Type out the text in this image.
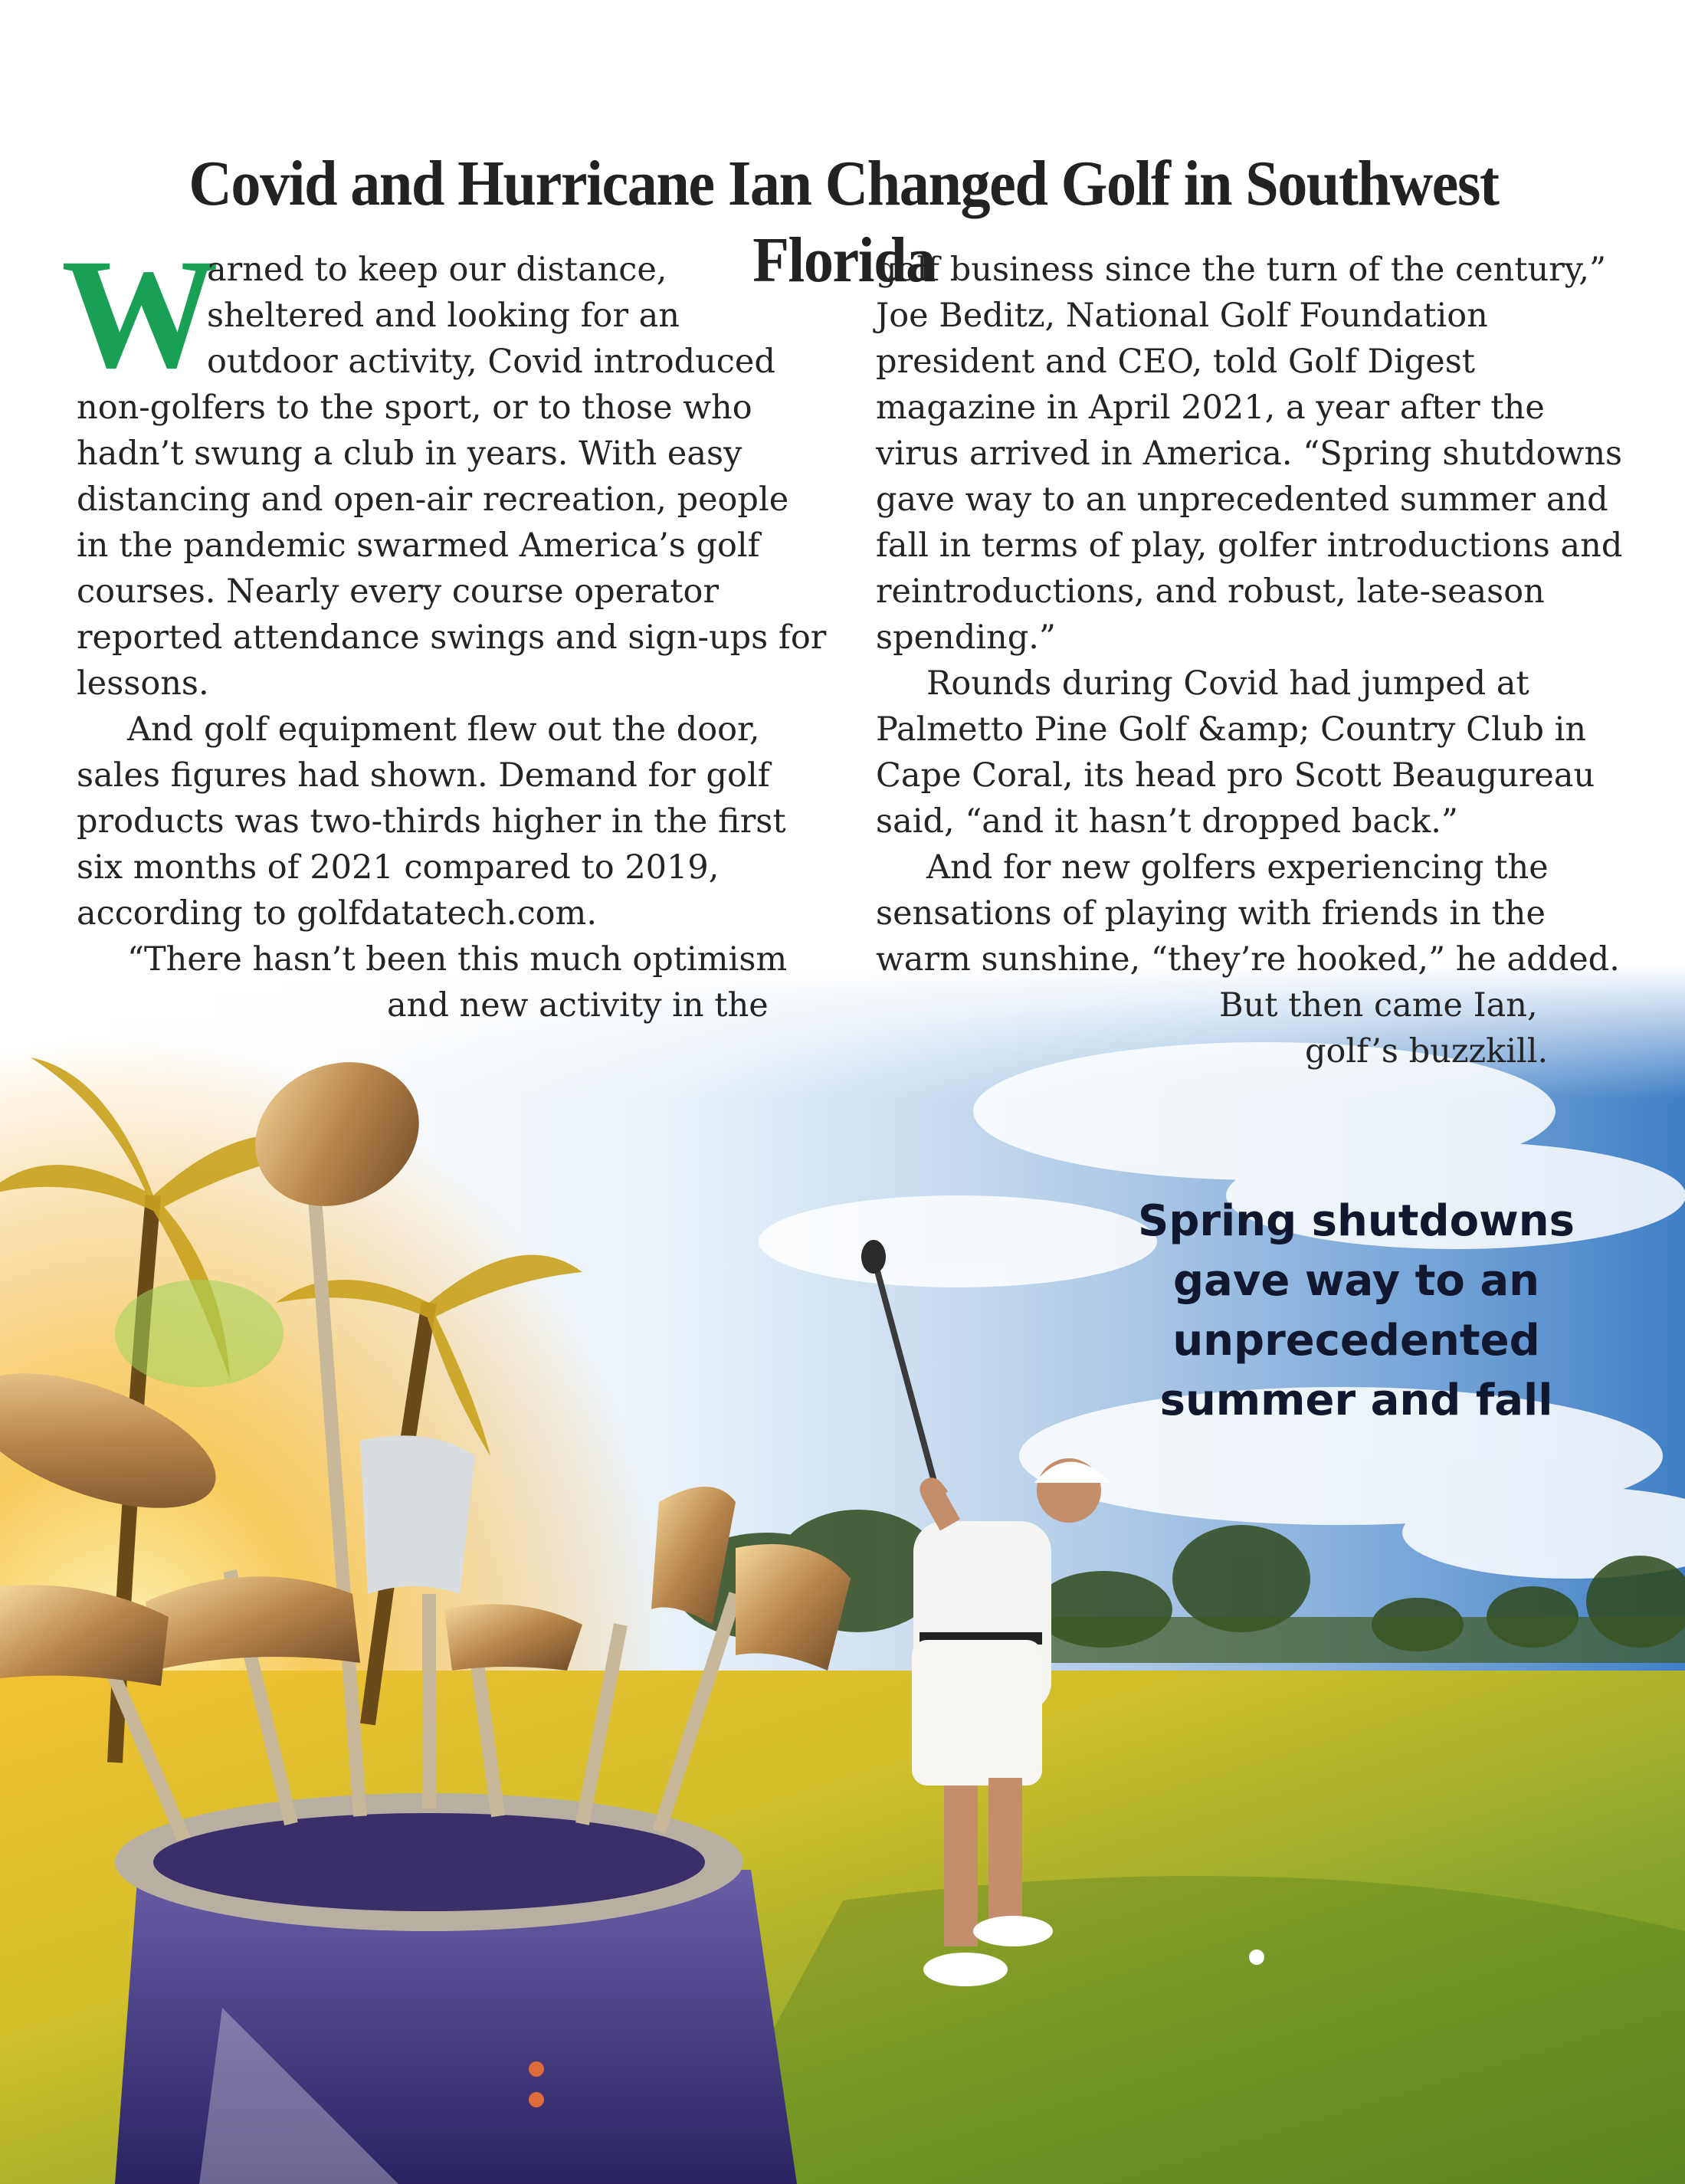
Covid and Hurricane Ian Changed Golf in Southwest Florida
W

arned to keep our distance,

sheltered and looking for an

outdoor activity, Covid introduced

non-golfers to the sport, or to those who

hadn’t swung a club in years. With easy

distancing and open-air recreation, people

in the pandemic swarmed America’s golf

courses. Nearly every course operator

reported attendance swings and sign-ups for

lessons.

And golf equipment flew out the door,

sales figures had shown. Demand for golf

products was two-thirds higher in the first

six months of 2021 compared to 2019,

according to golfdatatech.com.

“There hasn’t been this much optimism

and new activity in the

golf business since the turn of the century,”

Joe Beditz, National Golf Foundation

president and CEO, told Golf Digest

magazine in April 2021, a year after the

virus arrived in America. “Spring shutdowns

gave way to an unprecedented summer and

fall in terms of play, golfer introductions and

reintroductions, and robust, late-season

spending.”

Rounds during Covid had jumped at

Palmetto Pine Golf &amp; Country Club in

Cape Coral, its head pro Scott Beaugureau

said, “and it hasn’t dropped back.”

And for new golfers experiencing the

sensations of playing with friends in the

warm sunshine, “they’re hooked,” he added.

But then came Ian,

golf’s buzzkill.

Spring shutdowns
gave way to an
unprecedented
summer and fall
